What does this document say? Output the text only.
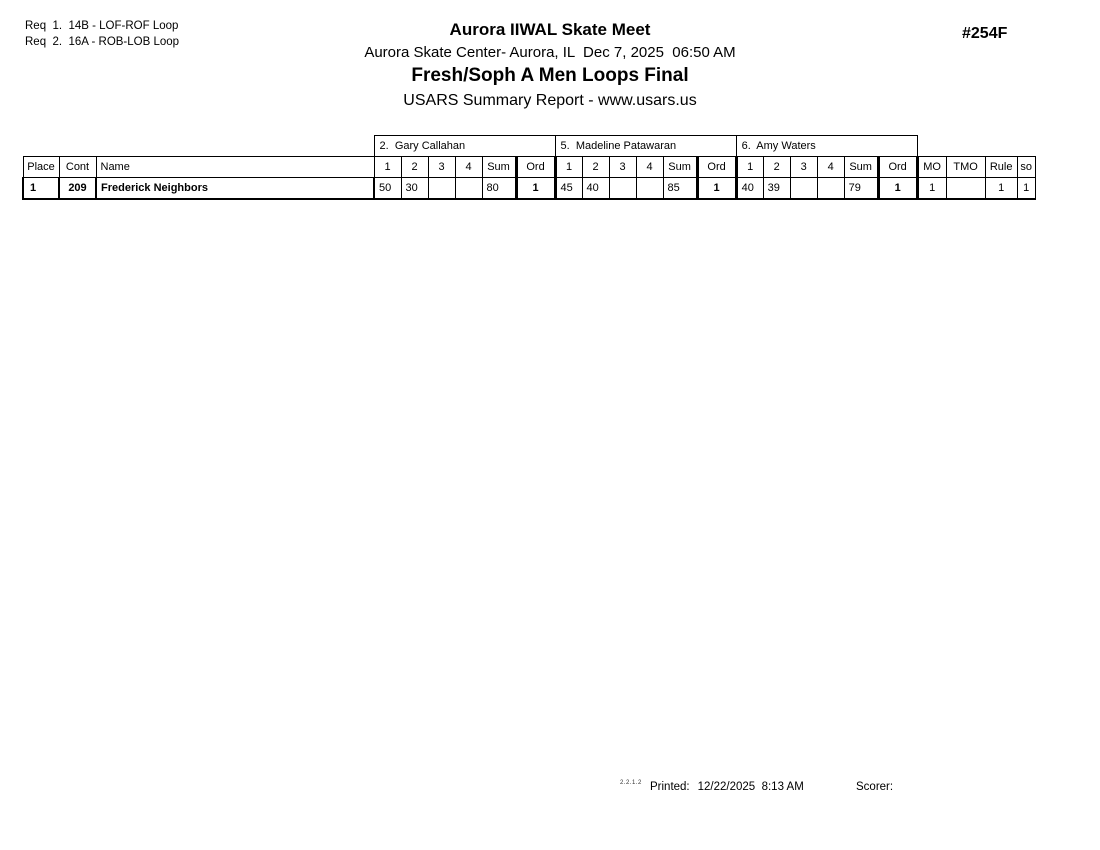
Req  1.  14B - LOF-ROF Loop
Req  2.  16A - ROB-LOB Loop
Aurora IIWAL Skate Meet
Aurora Skate Center- Aurora, IL  Dec 7, 2025  06:50 AM
Fresh/Soph A Men Loops Final
USARS Summary Report - www.usars.us
#254F
			2.  Gary Callahan						5.  Madeline Patawaran						6.  Amy Waters									
Place	Cont	Name	1	2	3	4	Sum	Ord	1	2	3	4	Sum	Ord	1	2	3	4	Sum	Ord	MO	TMO	Rule	so
1	209	Frederick Neighbors	50	30			80	1	45	40			85	1	40	39			79	1	1		1	1
2.2.1.2 Printed: 12/22/2025  8:13 AM	Scorer:
